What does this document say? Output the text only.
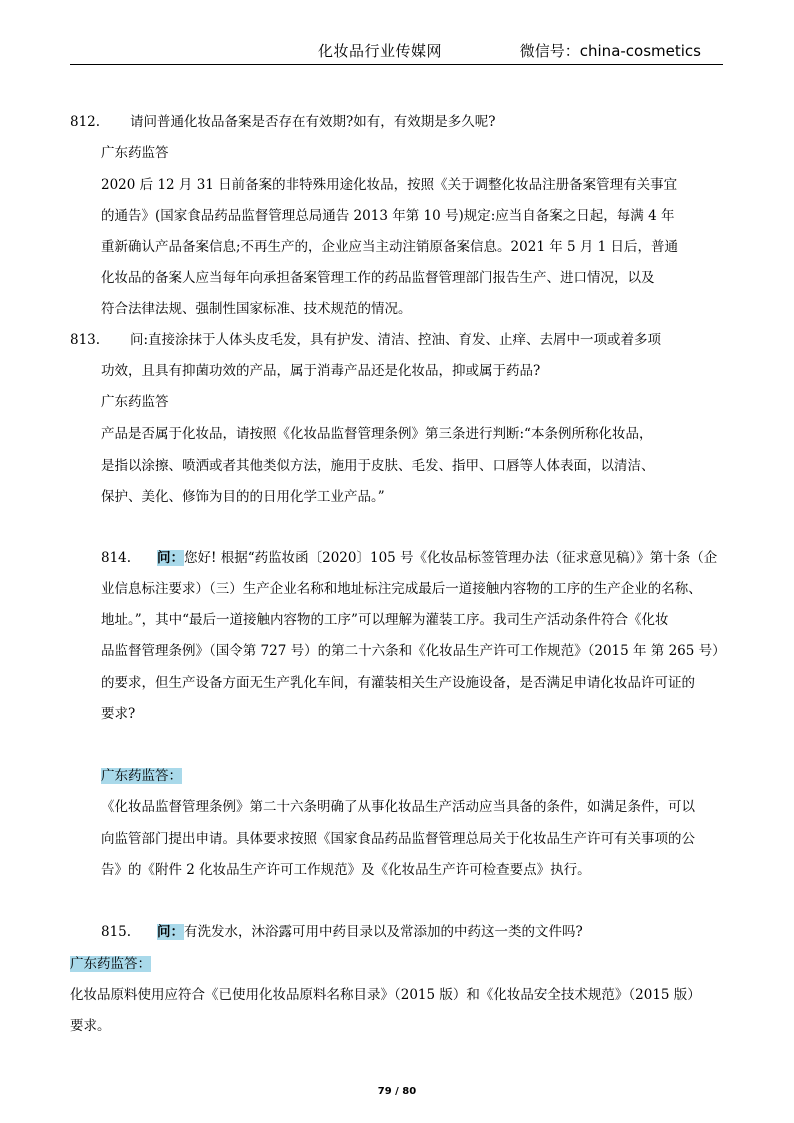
化妆品行业传媒网	微信号：china-cosmetics
812. 请问普通化妆品备案是否存在有效期?如有，有效期是多久呢?
广东药监答
2020 后 12 月 31 日前备案的非特殊用途化妆品，按照《关于调整化妆品注册备案管理有关事宜
的通告》(国家食品药品监督管理总局通告 2013 年第 10 号)规定:应当自备案之日起，每满 4 年
重新确认产品备案信息;不再生产的，企业应当主动注销原备案信息。2021 年 5 月 1 日后，普通
化妆品的备案人应当每年向承担备案管理工作的药品监督管理部门报告生产、进口情况，以及
符合法律法规、强制性国家标准、技术规范的情况。
813. 问:直接涂抹于人体头皮毛发，具有护发、清洁、控油、育发、止痒、去屑中一项或着多项
功效，且具有抑菌功效的产品，属于消毒产品还是化妆品，抑或属于药品?
广东药监答
产品是否属于化妆品，请按照《化妆品监督管理条例》第三条进行判断:“本条例所称化妆品，
是指以涂擦、喷洒或者其他类似方法，施用于皮肤、毛发、指甲、口唇等人体表面，以清洁、
保护、美化、修饰为目的的日用化学工业产品。”
814. 问：您好! 根据“药监妆函〔2020〕105 号《化妆品标签管理办法（征求意见稿）》第十条（企
业信息标注要求）（三）生产企业名称和地址标注完成最后一道接触内容物的工序的生产企业的名称、
地址。”，其中“最后一道接触内容物的工序”可以理解为灌装工序。我司生产活动条件符合《化妆
品监督管理条例》（国令第 727 号）的第二十六条和《化妆品生产许可工作规范》（2015 年 第 265 号）
的要求，但生产设备方面无生产乳化车间，有灌装相关生产设施设备，是否满足申请化妆品许可证的
要求?
广东药监答：
《化妆品监督管理条例》第二十六条明确了从事化妆品生产活动应当具备的条件，如满足条件，可以
向监管部门提出申请。具体要求按照《国家食品药品监督管理总局关于化妆品生产许可有关事项的公
告》的《附件 2 化妆品生产许可工作规范》及《化妆品生产许可检查要点》执行。
815. 问：有洗发水，沐浴露可用中药目录以及常添加的中药这一类的文件吗?
广东药监答：
化妆品原料使用应符合《已使用化妆品原料名称目录》（2015 版）和《化妆品安全技术规范》（2015 版）
要求。
79 / 80
